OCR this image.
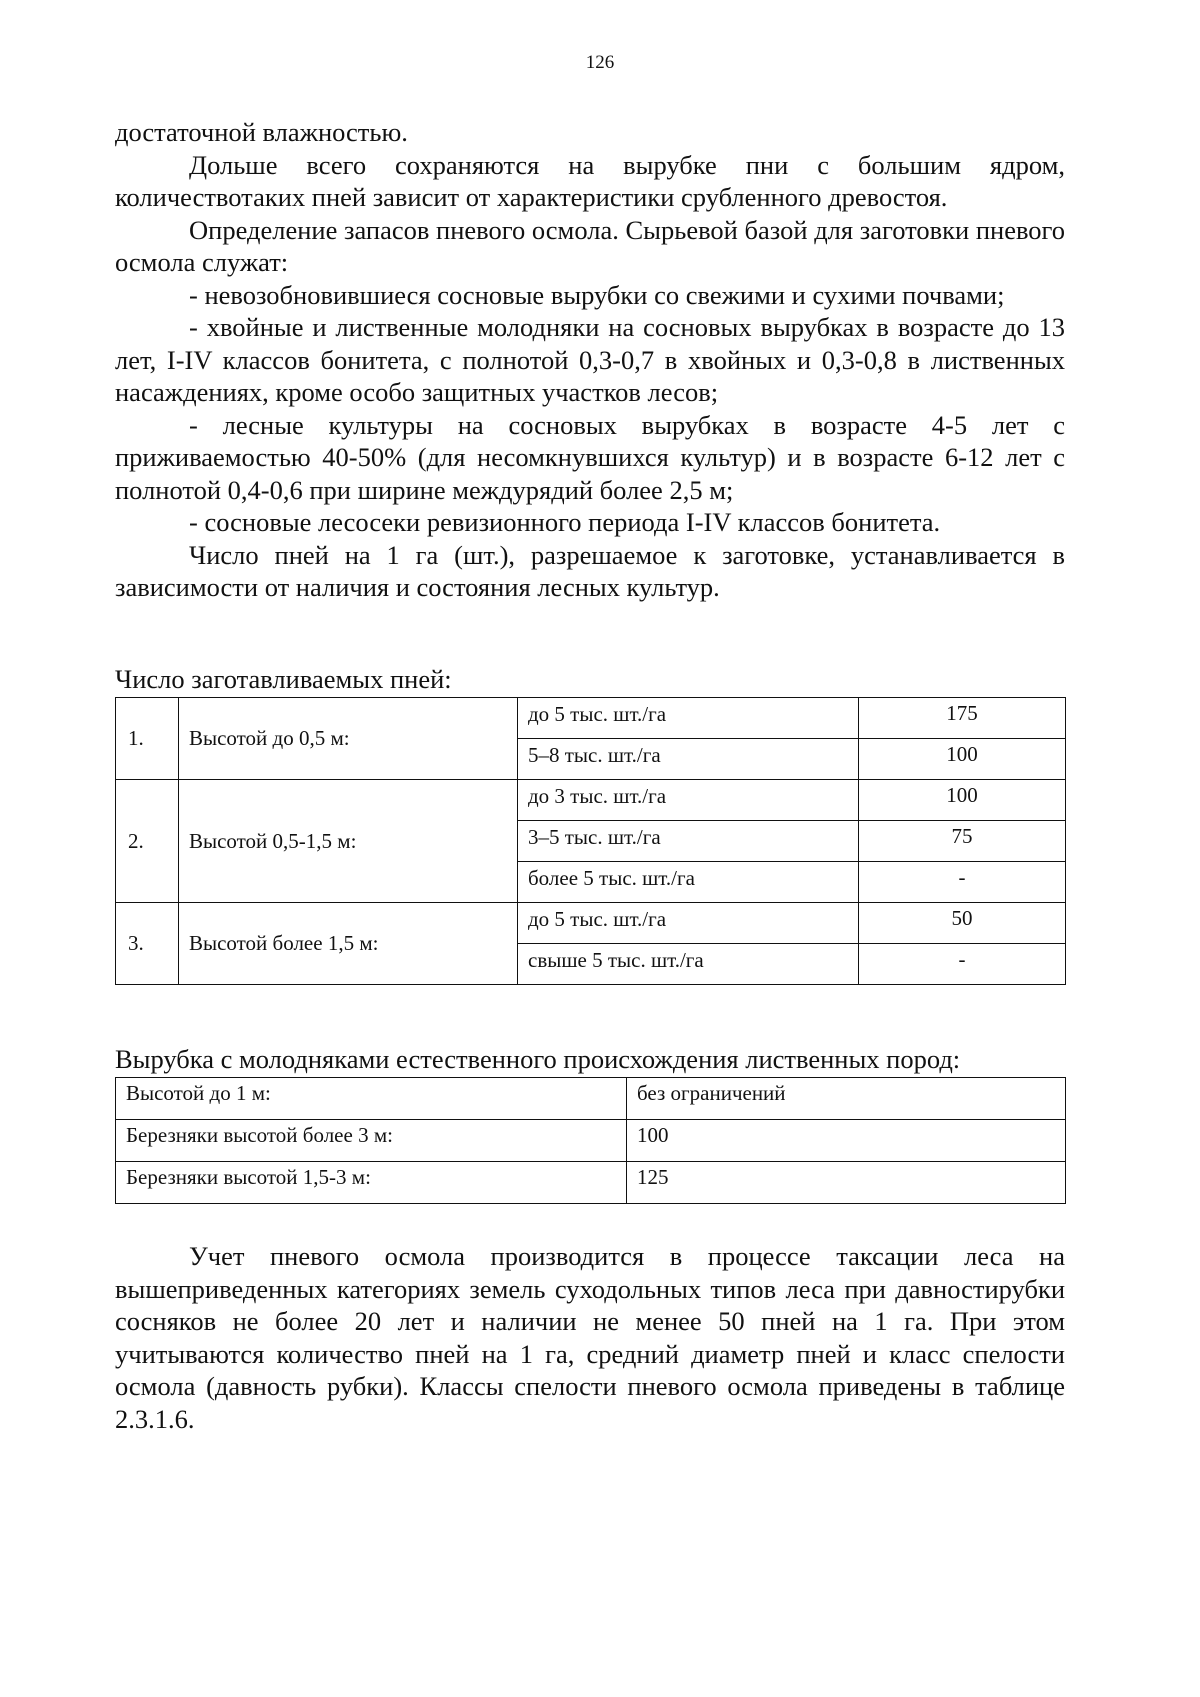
126

достаточной влажностью.

Дольше всего сохраняются на вырубке пни с большим ядром, количествотаких пней зависит от характеристики срубленного древостоя.

Определение запасов пневого осмола. Сырьевой базой для заготовки пневого осмола служат:

- невозобновившиеся сосновые вырубки со свежими и сухими почвами;

- хвойные и лиственные молодняки на сосновых вырубках в возрасте до 13 лет, I-IV классов бонитета, с полнотой 0,3-0,7 в хвойных и 0,3-0,8 в лиственных насаждениях, кроме особо защитных участков лесов;

- лесные культуры на сосновых вырубках в возрасте 4-5 лет с приживаемостью 40-50% (для несомкнувшихся культур) и в возрасте 6-12 лет с полнотой 0,4-0,6 при ширине междурядий более 2,5 м;

- сосновые лесосеки ревизионного периода I-IV классов бонитета.

Число пней на 1 га (шт.), разрешаемое к заготовке, устанавливается в зависимости от наличия и состояния лесных культур.

Число заготавливаемых пней:
1.	Высотой до 0,5 м:	до 5 тыс. шт./га	175
		5–8 тыс. шт./га	100
2.	Высотой 0,5-1,5 м:	до 3 тыс. шт./га	100
		3–5 тыс. шт./га	75
		более 5 тыс. шт./га	-
3.	Высотой более 1,5 м:	до 5 тыс. шт./га	50
		свыше 5 тыс. шт./га	-
Вырубка с молодняками естественного происхождения лиственных пород:
Высотой до 1 м:	без ограничений
Березняки высотой более 3 м:	100
Березняки высотой 1,5-3 м:	125

Учет пневого осмола производится в процессе таксации леса на вышеприведенных категориях земель суходольных типов леса при давностирубки сосняков не более 20 лет и наличии не менее 50 пней на 1 га. При этом учитываются количество пней на 1 га, средний диаметр пней и класс спелости осмола (давность рубки). Классы спелости пневого осмола приведены в таблице 2.3.1.6.
